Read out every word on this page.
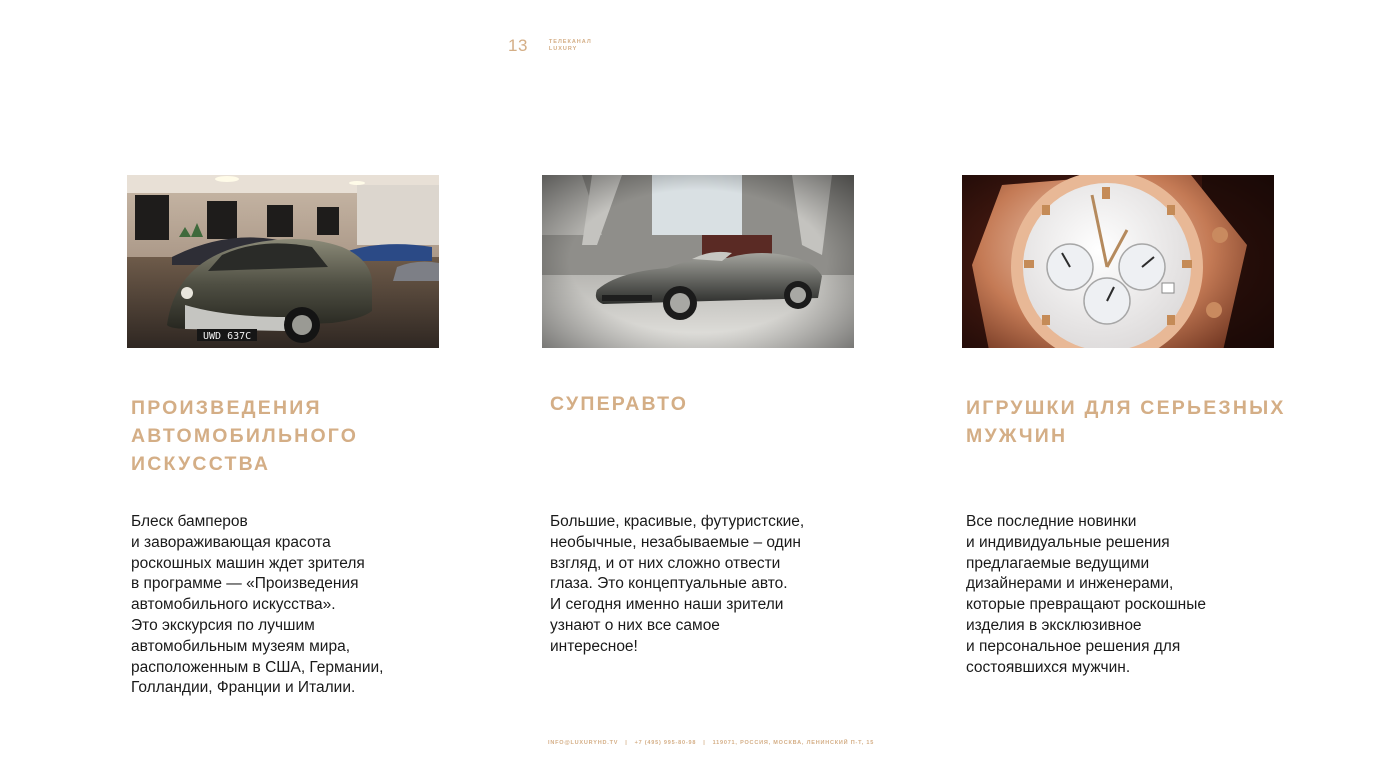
13	ТЕЛЕКАНАЛ
LUXURY
UWD 637C
ПРОИЗВЕДЕНИЯ АВТОМОБИЛЬНОГО ИСКУССТВА

Блеск бамперов
и завораживающая красота
роскошных машин ждет зрителя
в программе — «Произведения
автомобильного искусства».
Это экскурсия по лучшим
автомобильным музеям мира,
расположенным в США, Германии,
Голландии, Франции и Италии.

СУПЕРАВТО

Большие, красивые, футуристские,
необычные, незабываемые – один
взгляд, и от них сложно отвести
глаза. Это концептуальные авто.
И сегодня именно наши зрители
узнают о них все самое
интересное!

ИГРУШКИ ДЛЯ СЕРЬЕЗНЫХ МУЖЧИН

Все последние новинки
и индивидуальные решения
предлагаемые ведущими
дизайнерами и инженерами,
которые превращают роскошные
изделия в эксклюзивное
и персональное решения для
состоявшихся мужчин.

INFO@LUXURYHD.TV | +7 (495) 995-80-98 | 119071, РОССИЯ, МОСКВА, ЛЕНИНСКИЙ П-Т, 15
